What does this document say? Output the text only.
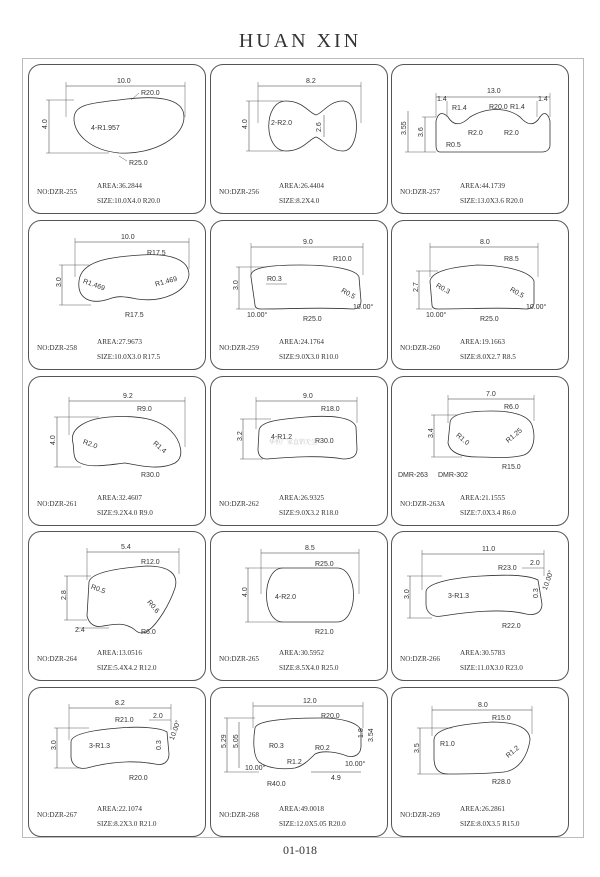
HUAN XIN
10.0
R20.0
4-R1.957
R25.0
4.0
NO:DZR-255
AREA:36.2844
SIZE:10.0X4.0 R20.0
8.2
2-R2.0	2.6
4.0
NO:DZR-256
AREA:26.4404
SIZE:8.2X4.0
13.0
1.4	1.4
R1.4	R20.0 R1.4
R2.0	R2.0
R0.5
3.55 3.6
NO:DZR-257
AREA:44.1739
SIZE:13.0X3.6 R20.0
10.0
R17.5
R1.469	R1.469
R17.5
3.0
NO:DZR-258
AREA:27.9673
SIZE:10.0X3.0 R17.5
9.0
R10.0
R0.3
R0.5
10.00°
10.00°
R25.0
3.0
NO:DZR-259
AREA:24.1764
SIZE:9.0X3.0 R10.0
8.0
R8.5
R0.3	R0.5
10.00°
10.00°
R25.0
2.7
NO:DZR-260
AREA:19.1663
SIZE:8.0X2.7 R8.5
9.2
R9.0
R2.0	R1.4
R30.0
4.0
NO:DZR-261
AREA:32.4607
SIZE:9.2X4.0 R9.0
9.0
R18.0
华恒厂家直销无尘
4-R1.2
R30.0
3.2
NO:DZR-262
AREA:26.9325
SIZE:9.0X3.2 R18.0
7.0
R6.0
R1.0	R1.25
R15.0
3.4
DMR-263 DMR-302
NO:DZR-263A
AREA:21.1555
SIZE:7.0X3.4 R6.0
5.4
R12.0
R0.5
R0.6
R6.0
2.8
2.4
NO:DZR-264
AREA:13.0516
SIZE:5.4X4.2 R12.0
8.5
R25.0
4-R2.0
R21.0
4.0
NO:DZR-265
AREA:30.5952
SIZE:8.5X4.0 R25.0
11.0
R23.0
2.0
3-R1.3	0.3
10.00°
R22.0
3.0
NO:DZR-266
AREA:30.5783
SIZE:11.0X3.0 R23.0
8.2
R21.0
2.0
3-R1.3	0.3
10.00°
R20.0
3.0
NO:DZR-267
AREA:22.1074
SIZE:8.2X3.0 R21.0
12.0
R20.0
R0.3	R0.2
R1.2
1.8 3.54
10.00°
10.00°
R40.0
4.9
5.29 5.05
NO:DZR-268
AREA:49.0018
SIZE:12.0X5.05 R20.0
8.0
R15.0
R1.0
R1.2
R28.0
3.5
NO:DZR-269
AREA:26.2861
SIZE:8.0X3.5 R15.0
01-018
